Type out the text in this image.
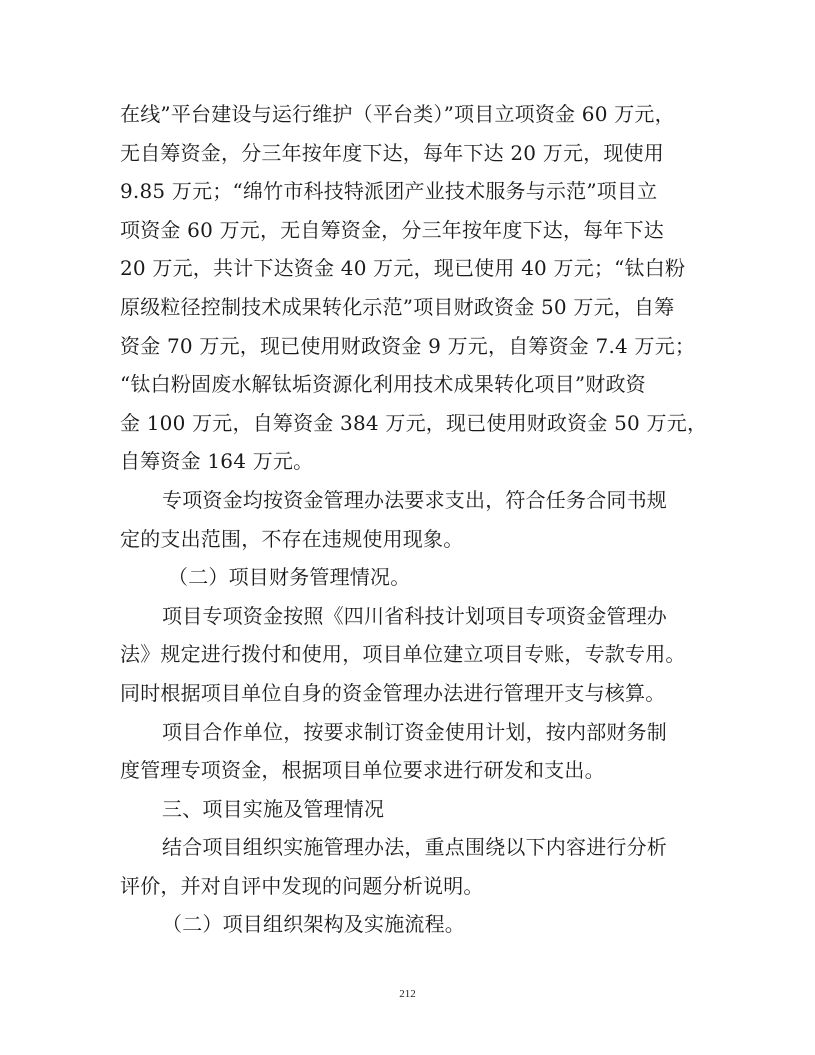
在线”平台建设与运行维护（平台类）”项目立项资金 60 万元，
无自筹资金，分三年按年度下达，每年下达 20 万元，现使用
9.85 万元；“绵竹市科技特派团产业技术服务与示范”项目立
项资金 60 万元，无自筹资金，分三年按年度下达，每年下达
20 万元，共计下达资金 40 万元，现已使用 40 万元；“钛白粉
原级粒径控制技术成果转化示范”项目财政资金 50 万元，自筹
资金 70 万元，现已使用财政资金 9 万元，自筹资金 7.4 万元；
“钛白粉固废水解钛垢资源化利用技术成果转化项目”财政资
金 100 万元，自筹资金 384 万元，现已使用财政资金 50 万元，
自筹资金 164 万元。
专项资金均按资金管理办法要求支出，符合任务合同书规
定的支出范围，不存在违规使用现象。
（二）项目财务管理情况。
项目专项资金按照《四川省科技计划项目专项资金管理办
法》规定进行拨付和使用，项目单位建立项目专账，专款专用。
同时根据项目单位自身的资金管理办法进行管理开支与核算。
项目合作单位，按要求制订资金使用计划，按内部财务制
度管理专项资金，根据项目单位要求进行研发和支出。
三、项目实施及管理情况
结合项目组织实施管理办法，重点围绕以下内容进行分析
评价，并对自评中发现的问题分析说明。
（二）项目组织架构及实施流程。
212
